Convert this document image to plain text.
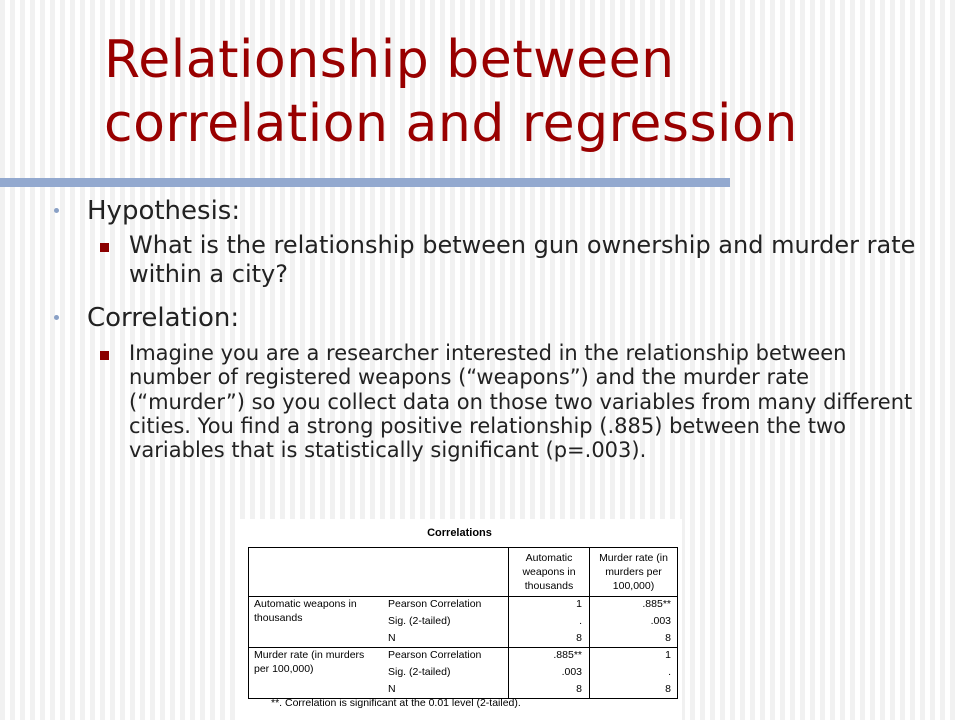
Relationship between correlation and regression
Hypothesis:
What is the relationship between gun ownership and murder rate within a city?
Correlation:
Imagine you are a researcher interested in the relationship between number of registered weapons (“weapons”) and the murder rate (“murder”) so you collect data on those two variables from many different cities. You find a strong positive relationship (.885) between the two variables that is statistically significant (p=.003).
Correlations
Automatic weapons in thousands
Murder rate (in murders per 100,000)
Automatic weapons in thousands
Pearson Correlation
Sig. (2-tailed)
N
1
.
8
.885**
.003
8
Murder rate (in murders per 100,000)
Pearson Correlation
Sig. (2-tailed)
N
.885**
.003
8
1
.
8
**. Correlation is significant at the 0.01 level (2-tailed).
